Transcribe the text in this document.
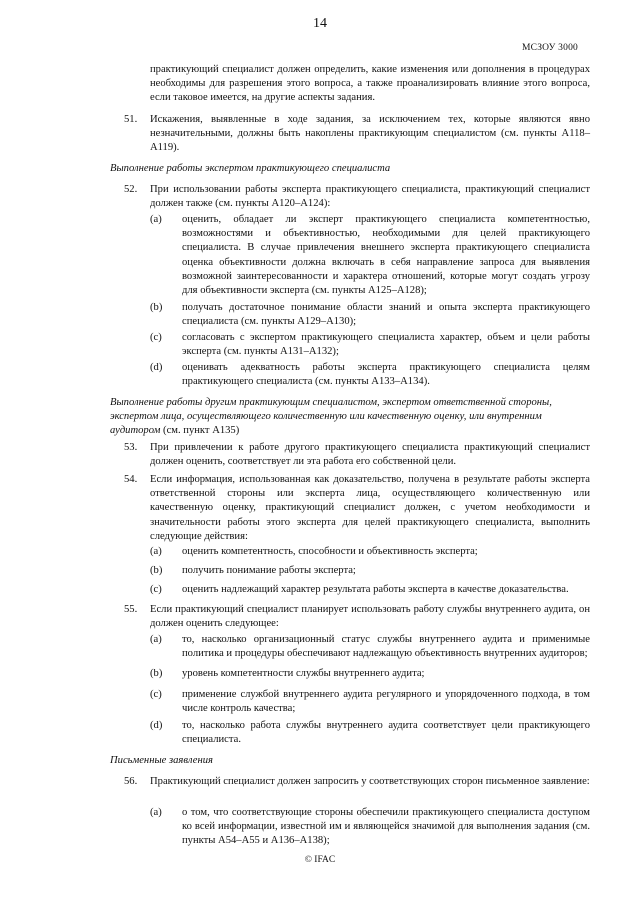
14
МСЗОУ 3000
практикующий специалист должен определить, какие изменения или дополнения в процедурах необходимы для разрешения этого вопроса, а также проанализировать влияние этого вопроса, если таковое имеется, на другие аспекты задания.
51. Искажения, выявленные в ходе задания, за исключением тех, которые являются явно незначительными, должны быть накоплены практикующим специалистом (см. пункты A118–A119).
Выполнение работы экспертом практикующего специалиста
52. При использовании работы эксперта практикующего специалиста, практикующий специалист должен также (см. пункты A120–A124):
(a) оценить, обладает ли эксперт практикующего специалиста компетентностью, возможностями и объективностью, необходимыми для целей практикующего специалиста. В случае привлечения внешнего эксперта практикующего специалиста оценка объективности должна включать в себя направление запроса для выявления возможной заинтересованности и характера отношений, которые могут создать угрозу для объективности эксперта (см. пункты A125–A128);
(b) получать достаточное понимание области знаний и опыта эксперта практикующего специалиста (см. пункты A129–A130);
(c) согласовать с экспертом практикующего специалиста характер, объем и цели работы эксперта (см. пункты A131–A132);
(d) оценивать адекватность работы эксперта практикующего специалиста целям практикующего специалиста (см. пункты A133–A134).
Выполнение работы другим практикующим специалистом, экспертом ответственной стороны, экспертом лица, осуществляющего количественную или качественную оценку, или внутренним аудитором (см. пункт A135)
53. При привлечении к работе другого практикующего специалиста практикующий специалист должен оценить, соответствует ли эта работа его собственной цели.
54. Если информация, использованная как доказательство, получена в результате работы эксперта ответственной стороны или эксперта лица, осуществляющего количественную или качественную оценку, практикующий специалист должен, с учетом необходимости и значительности работы этого эксперта для целей практикующего специалиста, выполнить следующие действия:
(a) оценить компетентность, способности и объективность эксперта;
(b) получить понимание работы эксперта;
(c) оценить надлежащий характер результата работы эксперта в качестве доказательства.
55. Если практикующий специалист планирует использовать работу службы внутреннего аудита, он должен оценить следующее:
(a) то, насколько организационный статус службы внутреннего аудита и применимые политика и процедуры обеспечивают надлежащую объективность внутренних аудиторов;
(b) уровень компетентности службы внутреннего аудита;
(c) применение службой внутреннего аудита регулярного и упорядоченного подхода, в том числе контроль качества;
(d) то, насколько работа службы внутреннего аудита соответствует цели практикующего специалиста.
Письменные заявления
56. Практикующий специалист должен запросить у соответствующих сторон письменное заявление:
(a) о том, что соответствующие стороны обеспечили практикующего специалиста доступом ко всей информации, известной им и являющейся значимой для выполнения задания (см. пункты A54–A55 и A136–A138);
© IFAC
